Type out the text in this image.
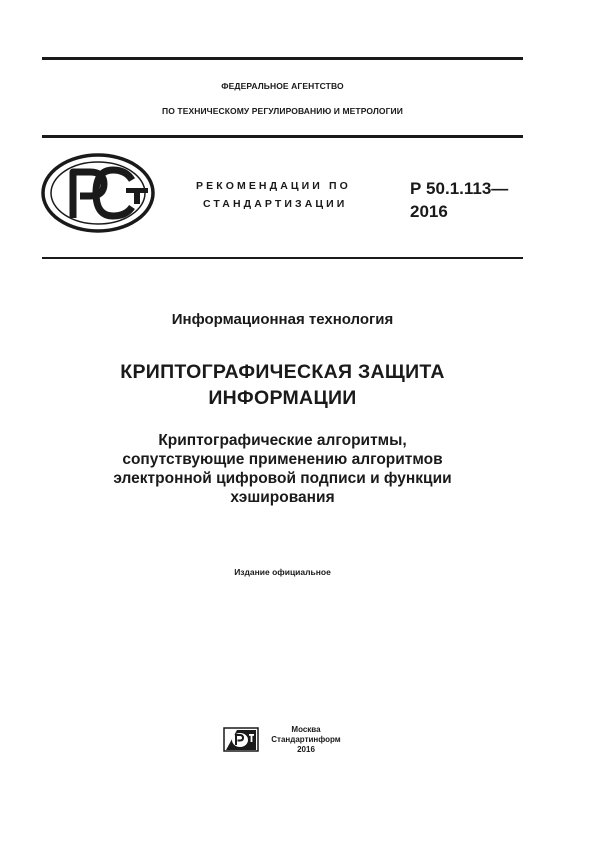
ФЕДЕРАЛЬНОЕ АГЕНТСТВО
ПО ТЕХНИЧЕСКОМУ РЕГУЛИРОВАНИЮ И МЕТРОЛОГИИ
РЕКОМЕНДАЦИИ ПО
СТАНДАРТИЗАЦИИ
Р 50.1.113—
2016
Информационная технология
КРИПТОГРАФИЧЕСКАЯ ЗАЩИТА
ИНФОРМАЦИИ
Криптографические алгоритмы,
сопутствующие применению алгоритмов
электронной цифровой подписи и функции
хэширования
Издание официальное
Москва
Стандартинформ
2016
